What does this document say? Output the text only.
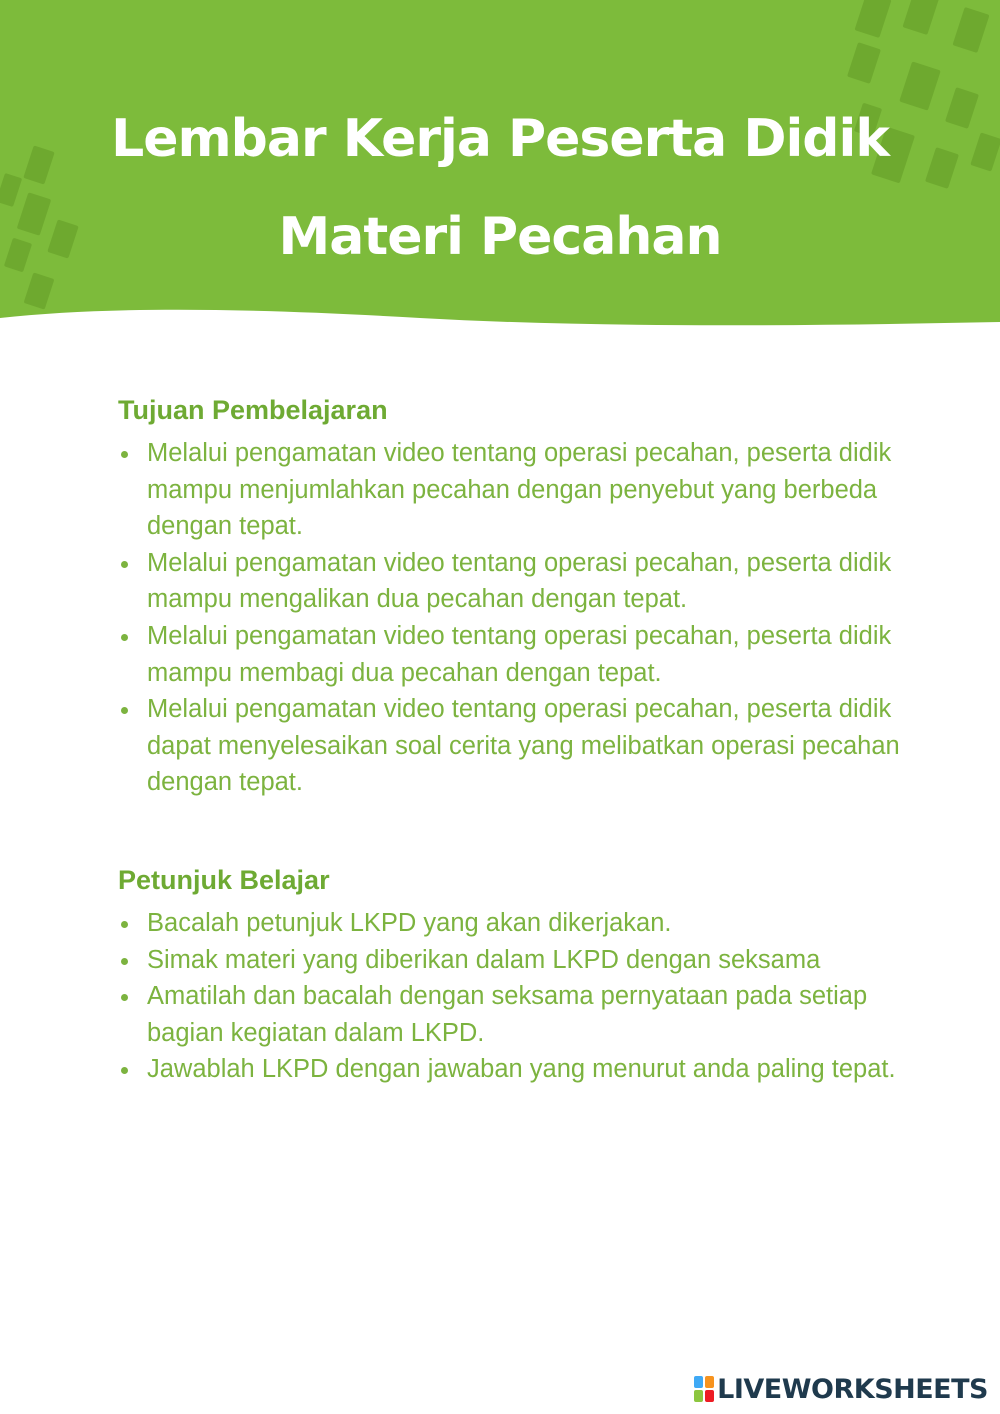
Lembar Kerja Peserta Didik
Materi Pecahan
Tujuan Pembelajaran
Melalui pengamatan video tentang operasi pecahan, peserta didik mampu menjumlahkan pecahan dengan penyebut yang berbeda dengan tepat.
Melalui pengamatan video tentang operasi pecahan, peserta didik mampu mengalikan dua pecahan dengan tepat.
Melalui pengamatan video tentang operasi pecahan, peserta didik mampu membagi dua pecahan dengan tepat.
Melalui pengamatan video tentang operasi pecahan, peserta didik dapat menyelesaikan soal cerita yang melibatkan operasi pecahan dengan tepat.
Petunjuk Belajar
Bacalah petunjuk LKPD yang akan dikerjakan.
Simak materi yang diberikan dalam LKPD dengan seksama
Amatilah dan bacalah dengan seksama pernyataan pada setiap bagian kegiatan dalam LKPD.
Jawablah LKPD dengan jawaban yang menurut anda paling tepat.
LIVEWORKSHEETS
